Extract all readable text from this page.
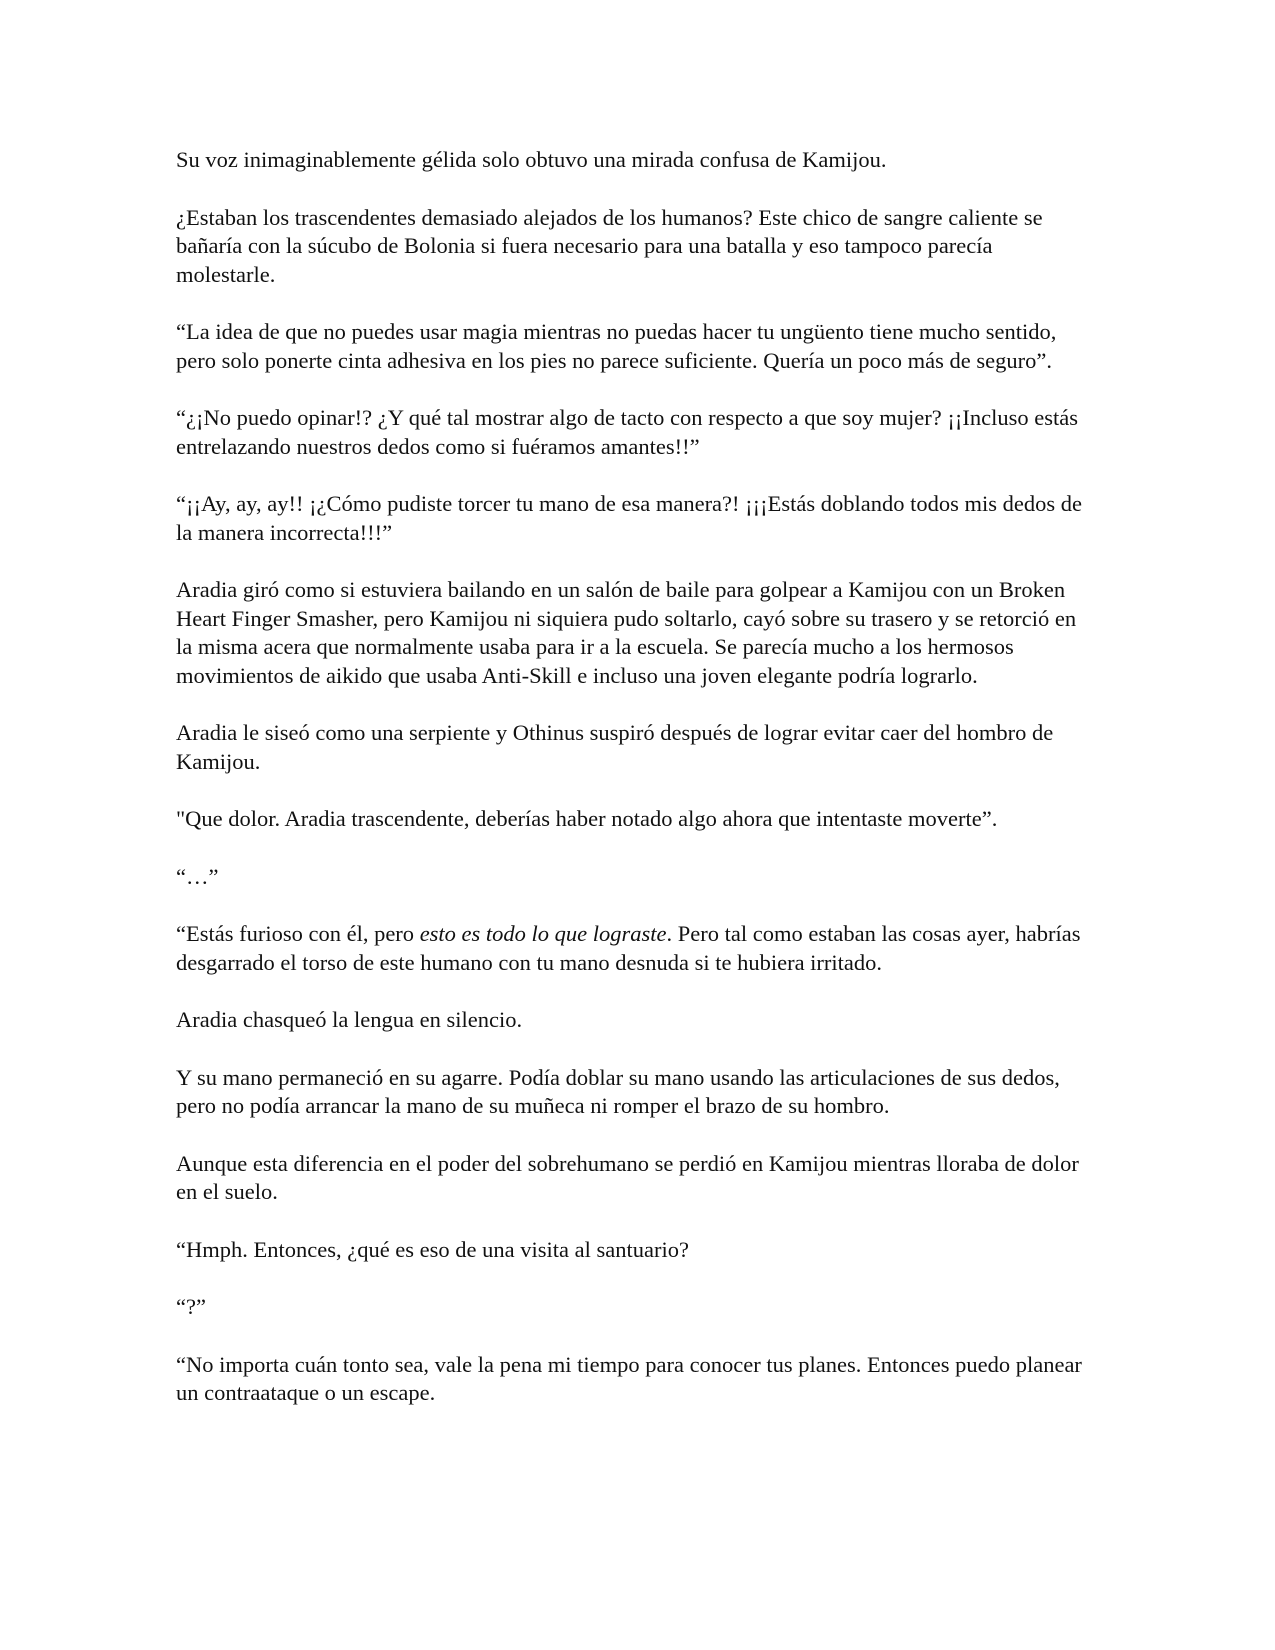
Su voz inimaginablemente gélida solo obtuvo una mirada confusa de Kamijou.

¿Estaban los trascendentes demasiado alejados de los humanos? Este chico de sangre caliente se bañaría con la súcubo de Bolonia si fuera necesario para una batalla y eso tampoco parecía molestarle.

“La idea de que no puedes usar magia mientras no puedas hacer tu ungüento tiene mucho sentido, pero solo ponerte cinta adhesiva en los pies no parece suficiente. Quería un poco más de seguro”.

“¿¡No puedo opinar!? ¿Y qué tal mostrar algo de tacto con respecto a que soy mujer? ¡¡Incluso estás entrelazando nuestros dedos como si fuéramos amantes!!”

“¡¡Ay, ay, ay!! ¡¿Cómo pudiste torcer tu mano de esa manera?! ¡¡¡Estás doblando todos mis dedos de la manera incorrecta!!!”

Aradia giró como si estuviera bailando en un salón de baile para golpear a Kamijou con un Broken Heart Finger Smasher, pero Kamijou ni siquiera pudo soltarlo, cayó sobre su trasero y se retorció en la misma acera que normalmente usaba para ir a la escuela. Se parecía mucho a los hermosos movimientos de aikido que usaba Anti-Skill e incluso una joven elegante podría lograrlo.

Aradia le siseó como una serpiente y Othinus suspiró después de lograr evitar caer del hombro de Kamijou.

"Que dolor. Aradia trascendente, deberías haber notado algo ahora que intentaste moverte”.

“…”

“Estás furioso con él, pero esto es todo lo que lograste. Pero tal como estaban las cosas ayer, habrías desgarrado el torso de este humano con tu mano desnuda si te hubiera irritado.

Aradia chasqueó la lengua en silencio.

Y su mano permaneció en su agarre. Podía doblar su mano usando las articulaciones de sus dedos, pero no podía arrancar la mano de su muñeca ni romper el brazo de su hombro.

Aunque esta diferencia en el poder del sobrehumano se perdió en Kamijou mientras lloraba de dolor en el suelo.

“Hmph. Entonces, ¿qué es eso de una visita al santuario?

“?”

“No importa cuán tonto sea, vale la pena mi tiempo para conocer tus planes. Entonces puedo planear un contraataque o un escape.
